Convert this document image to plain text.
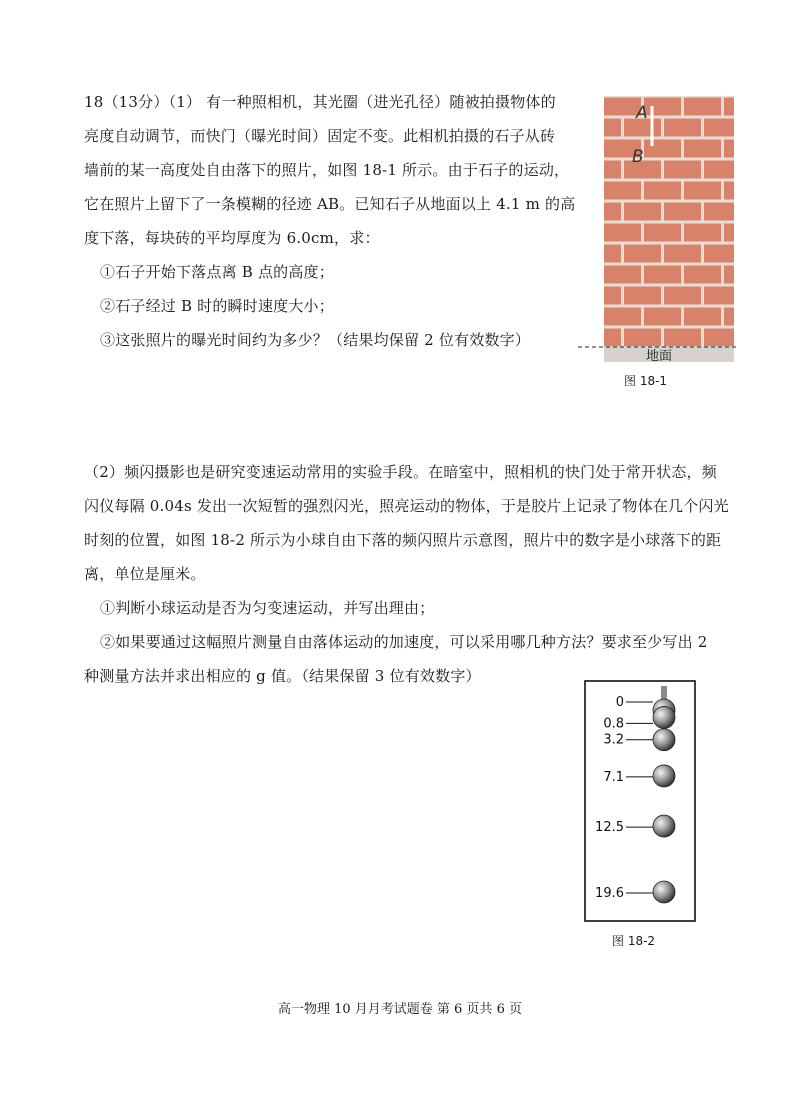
18（13分）（1） 有一种照相机，其光圈（进光孔径）随被拍摄物体的
亮度自动调节，而快门（曝光时间）固定不变。此相机拍摄的石子从砖
墙前的某一高度处自由落下的照片，如图 18-1 所示。由于石子的运动，
它在照片上留下了一条模糊的径迹 AB。已知石子从地面以上 4.1 m 的高
度下落，每块砖的平均厚度为 6.0cm，求：
①石子开始下落点离 B 点的高度；
②石子经过 B 时的瞬时速度大小；
③这张照片的曝光时间约为多少？（结果均保留 2 位有效数字）
A
B
地面
图 18-1
（2）频闪摄影也是研究变速运动常用的实验手段。在暗室中，照相机的快门处于常开状态，频
闪仪每隔 0.04s 发出一次短暂的强烈闪光，照亮运动的物体，于是胶片上记录了物体在几个闪光
时刻的位置，如图 18-2 所示为小球自由下落的频闪照片示意图，照片中的数字是小球落下的距
离，单位是厘米。
①判断小球运动是否为匀变速运动，并写出理由；
②如果要通过这幅照片测量自由落体运动的加速度，可以采用哪几种方法？要求至少写出 2
种测量方法并求出相应的 g 值。（结果保留 3 位有效数字）
0
0.8
3.2
7.1
12.5
19.6
图 18-2
高一物理 10 月月考试题卷 第 6 页共 6 页
